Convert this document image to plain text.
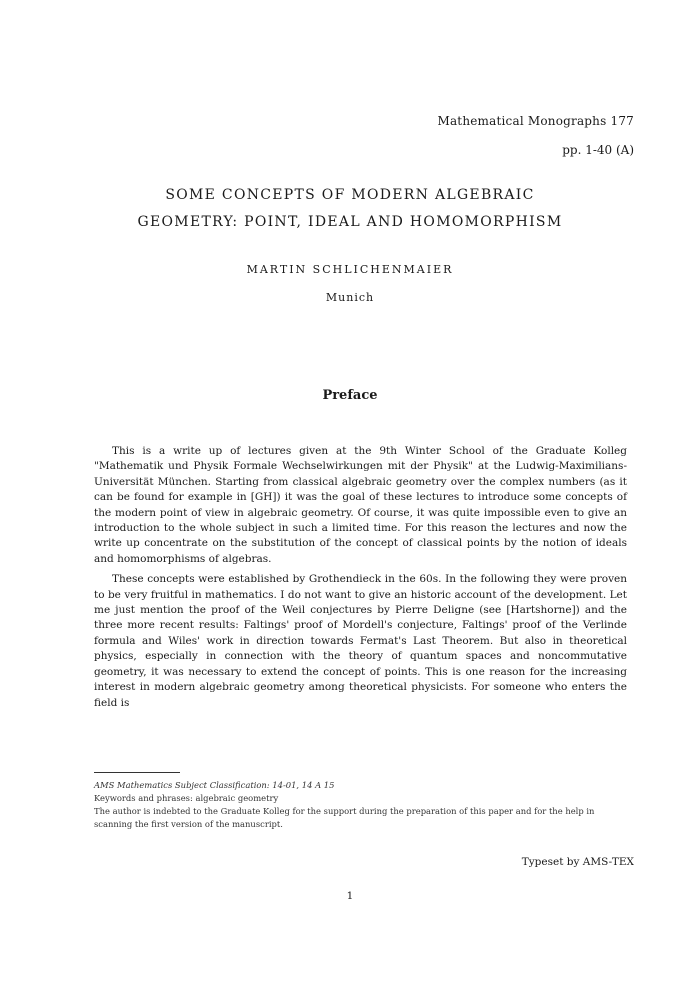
Mathematical Monographs 177
pp. 1-40 (A)
SOME CONCEPTS OF MODERN ALGEBRAIC
GEOMETRY: POINT, IDEAL AND HOMOMORPHISM
MARTIN SCHLICHENMAIER
Munich
Preface

This is a write up of lectures given at the 9th Winter School of the Graduate Kolleg "Mathematik und Physik Formale Wechselwirkungen mit der Physik" at the Ludwig-Maximilians-Universität München. Starting from classical algebraic geometry over the complex numbers (as it can be found for example in [GH]) it was the goal of these lectures to introduce some concepts of the modern point of view in algebraic geometry. Of course, it was quite impossible even to give an introduction to the whole subject in such a limited time. For this reason the lectures and now the write up concentrate on the substitution of the concept of classical points by the notion of ideals and homomorphisms of algebras.

These concepts were established by Grothendieck in the 60s. In the following they were proven to be very fruitful in mathematics. I do not want to give an historic account of the development. Let me just mention the proof of the Weil conjectures by Pierre Deligne (see [Hartshorne]) and the three more recent results: Faltings' proof of Mordell's conjecture, Faltings' proof of the Verlinde formula and Wiles' work in direction towards Fermat's Last Theorem. But also in theoretical physics, especially in connection with the theory of quantum spaces and noncommutative geometry, it was necessary to extend the concept of points. This is one reason for the increasing interest in modern algebraic geometry among theoretical physicists. For someone who enters the field is

AMS Mathematics Subject Classification: 14-01, 14 A 15
Keywords and phrases: algebraic geometry
The author is indebted to the Graduate Kolleg for the support during the preparation of this paper and for the help in scanning the first version of the manuscript.
Typeset by AMS-TEX
1
